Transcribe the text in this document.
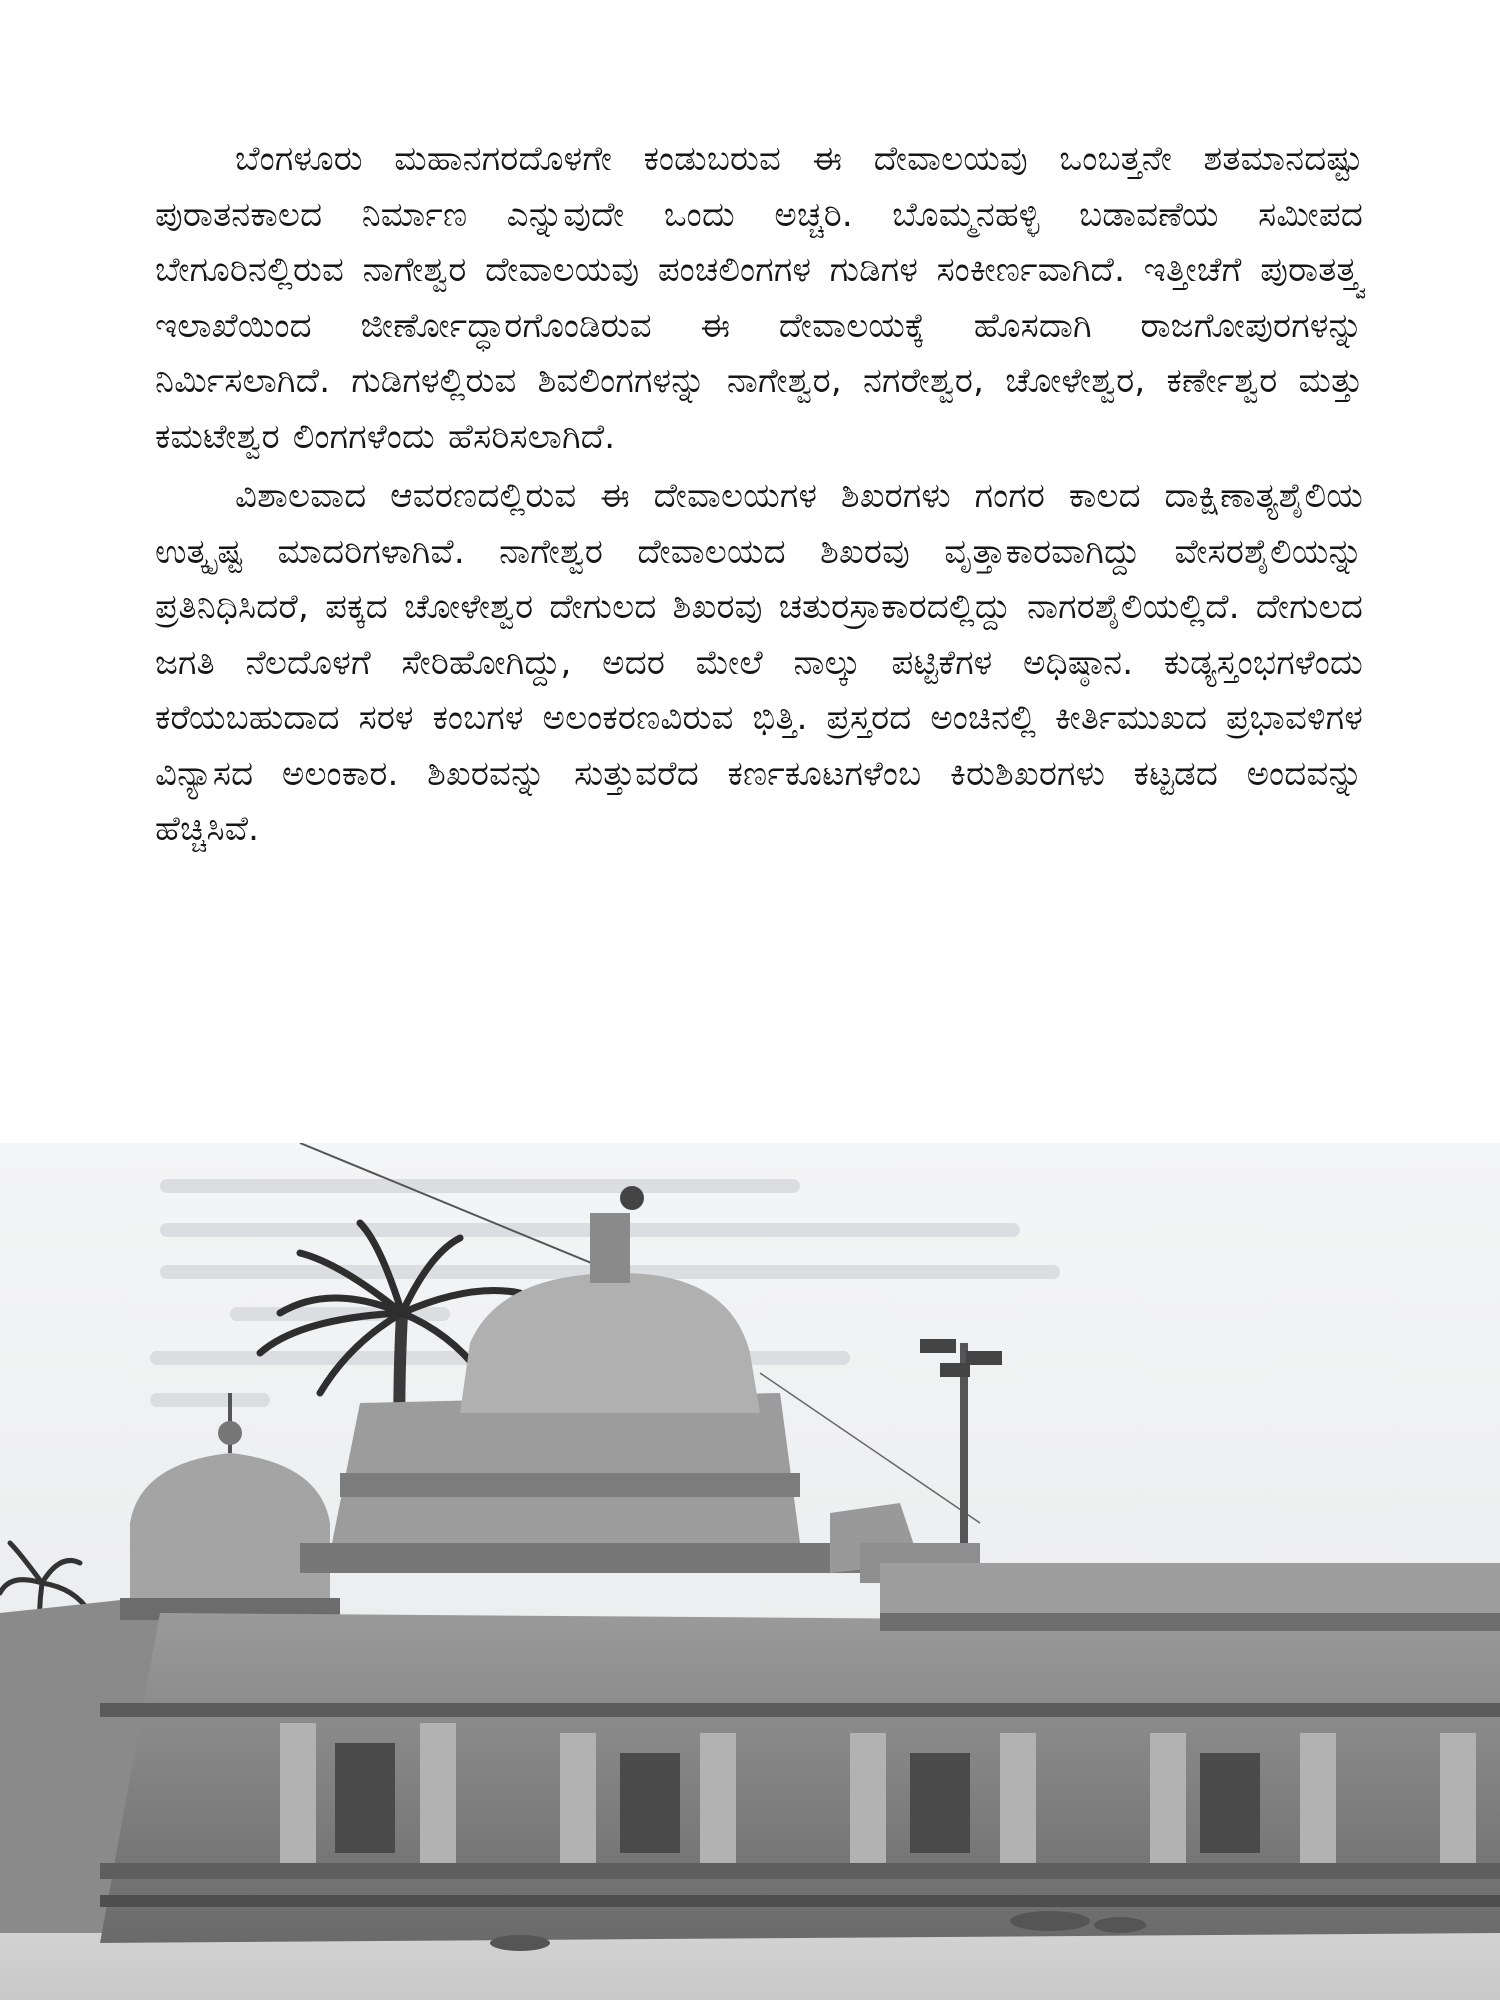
ಬೆಂಗಳೂರು ಮಹಾನಗರದೊಳಗೇ ಕಂಡುಬರುವ ಈ ದೇವಾಲಯವು ಒಂಬತ್ತನೇ ಶತಮಾನದಷ್ಟು ಪುರಾತನಕಾಲದ ನಿರ್ಮಾಣ ಎನ್ನುವುದೇ ಒಂದು ಅಚ್ಚರಿ. ಬೊಮ್ಮನಹಳ್ಳಿ ಬಡಾವಣೆಯ ಸಮೀಪದ ಬೇಗೂರಿನಲ್ಲಿರುವ ನಾಗೇಶ್ವರ ದೇವಾಲಯವು ಪಂಚಲಿಂಗಗಳ ಗುಡಿಗಳ ಸಂಕೀರ್ಣವಾಗಿದೆ. ಇತ್ತೀಚೆಗೆ ಪುರಾತತ್ತ್ವ ಇಲಾಖೆಯಿಂದ ಜೀರ್ಣೋದ್ಧಾರಗೊಂಡಿರುವ ಈ ದೇವಾಲಯಕ್ಕೆ ಹೊಸದಾಗಿ ರಾಜಗೋಪುರಗಳನ್ನು ನಿರ್ಮಿಸಲಾಗಿದೆ. ಗುಡಿಗಳಲ್ಲಿರುವ ಶಿವಲಿಂಗಗಳನ್ನು ನಾಗೇಶ್ವರ, ನಗರೇಶ್ವರ, ಚೋಳೇಶ್ವರ, ಕರ್ಣೇಶ್ವರ ಮತ್ತು ಕಮಟೇಶ್ವರ ಲಿಂಗಗಳೆಂದು ಹೆಸರಿಸಲಾಗಿದೆ.

ವಿಶಾಲವಾದ ಆವರಣದಲ್ಲಿರುವ ಈ ದೇವಾಲಯಗಳ ಶಿಖರಗಳು ಗಂಗರ ಕಾಲದ ದಾಕ್ಷಿಣಾತ್ಯಶೈಲಿಯ ಉತ್ಕೃಷ್ಟ ಮಾದರಿಗಳಾಗಿವೆ. ನಾಗೇಶ್ವರ ದೇವಾಲಯದ ಶಿಖರವು ವೃತ್ತಾಕಾರವಾಗಿದ್ದು ವೇಸರಶೈಲಿಯನ್ನು ಪ್ರತಿನಿಧಿಸಿದರೆ, ಪಕ್ಕದ ಚೋಳೇಶ್ವರ ದೇಗುಲದ ಶಿಖರವು ಚತುರಸ್ರಾಕಾರದಲ್ಲಿದ್ದು ನಾಗರಶೈಲಿಯಲ್ಲಿದೆ. ದೇಗುಲದ ಜಗತಿ ನೆಲದೊಳಗೆ ಸೇರಿಹೋಗಿದ್ದು, ಅದರ ಮೇಲೆ ನಾಲ್ಕು ಪಟ್ಟಿಕೆಗಳ ಅಧಿಷ್ಠಾನ. ಕುಡ್ಯಸ್ತಂಭಗಳೆಂದು ಕರೆಯಬಹುದಾದ ಸರಳ ಕಂಬಗಳ ಅಲಂಕರಣವಿರುವ ಭಿತ್ತಿ. ಪ್ರಸ್ತರದ ಅಂಚಿನಲ್ಲಿ ಕೀರ್ತಿಮುಖದ ಪ್ರಭಾವಳಿಗಳ ವಿನ್ಯಾಸದ ಅಲಂಕಾರ. ಶಿಖರವನ್ನು ಸುತ್ತುವರೆದ ಕರ್ಣಕೂಟಗಳೆಂಬ ಕಿರುಶಿಖರಗಳು ಕಟ್ಟಡದ ಅಂದವನ್ನು ಹೆಚ್ಚಿಸಿವೆ.
